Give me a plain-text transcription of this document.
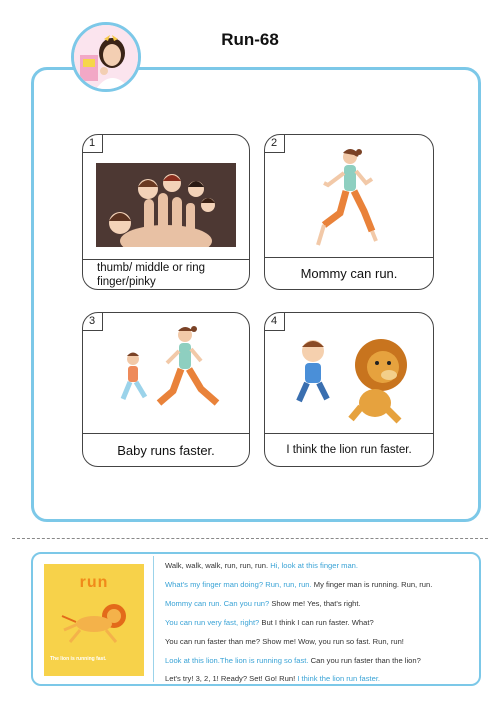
Run-68
1
thumb/ middle or ring finger/pinky
2
Mommy can run.
3
Baby runs faster.
4
I think the lion run faster.
run
The lion is running fast.
Walk, walk, walk, run, run, run. Hi, look at this finger man.
What's my finger man doing? Run, run, run. My finger man is running. Run, run.
Mommy can run. Can you run? Show me! Yes, that's right.
You can run very fast, right? But I think I can run faster. What?
You can run faster than me? Show me! Wow, you run so fast. Run, run!
Look at this lion.The lion is running so fast. Can you run faster than the lion?
Let's try! 3, 2, 1! Ready? Set! Go! Run! I think the lion run faster.
